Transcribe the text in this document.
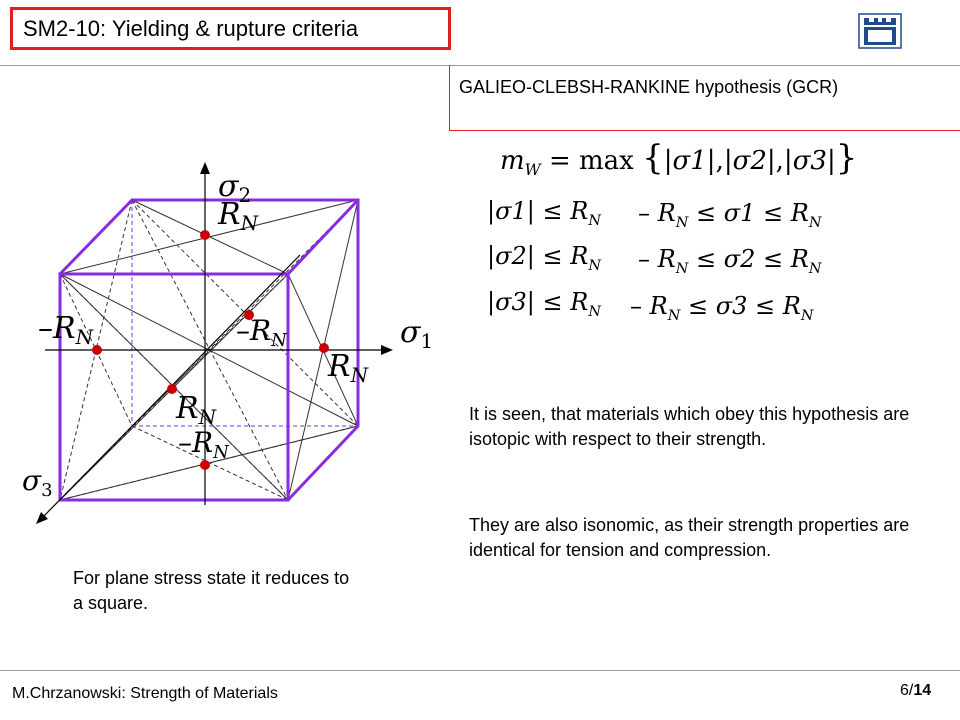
SM2-10: Yielding & rupture criteria
GALIEO-CLEBSH-RANKINE hypothesis (GCR)
$m_W = \max \{|\sigma 1|,|\sigma 2|,|\sigma 3|\}$
$|\sigma 1| \le R_N - R_N \le \sigma 1 \le R_N$
$|\sigma 2| \le R_N - R_N \le \sigma 2 \le R_N$
$|\sigma 3| \le R_N - R_N \le \sigma 3 \le R_N$
It is seen, that materials which obey this hypothesis are isotopic with respect to their strength.
They are also isonomic, as their strength properties are identical for tension and compression.
For plane stress state it reduces to a square.
$\sigma_2$
$\sigma_1$
$\sigma_3$
$R_N$
$-R_N$	$-R_N$
$R_N$
$R_N$
$-R_N$
M.Chrzanowski: Strength of Materials	6/14
